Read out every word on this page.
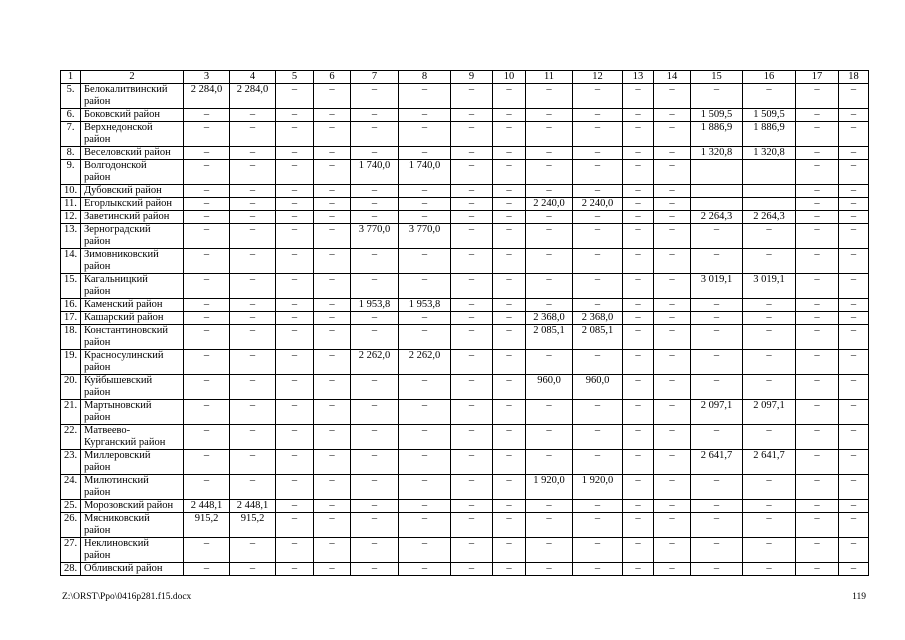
1	2	3	4	5	6	7	8	9	10	11	12	13	14	15	16	17	18
5.	Белокалитвинский
район	2 284,0	2 284,0	–	–	–	–	–	–	–	–	–	–	–	–	–	–
6.	Боковский район	–	–	–	–	–	–	–	–	–	–	–	–	1 509,5	1 509,5	–	–
7.	Верхнедонской
район	–	–	–	–	–	–	–	–	–	–	–	–	1 886,9	1 886,9	–	–
8.	Веселовский район	–	–	–	–	–	–	–	–	–	–	–	–	1 320,8	1 320,8	–	–
9.	Волгодонской
район	–	–	–	–	1 740,0	1 740,0	–	–	–	–	–	–			–	–
10.	Дубовский район	–	–	–	–	–	–	–	–	–	–	–	–			–	–
11.	Егорлыкский район	–	–	–	–	–	–	–	–	2 240,0	2 240,0	–	–			–	–
12.	Заветинский район	–	–	–	–	–	–	–	–	–	–	–	–	2 264,3	2 264,3	–	–
13.	Зерноградский
район	–	–	–	–	3 770,0	3 770,0	–	–	–	–	–	–	–	–	–	–
14.	Зимовниковский
район	–	–	–	–	–	–	–	–	–	–	–	–	–	–	–	–
15.	Кагальницкий
район	–	–	–	–	–	–	–	–	–	–	–	–	3 019,1	3 019,1	–	–
16.	Каменский район	–	–	–	–	1 953,8	1 953,8	–	–	–	–	–	–	–	–	–	–
17.	Кашарский район	–	–	–	–	–	–	–	–	2 368,0	2 368,0	–	–	–	–	–	–
18.	Константиновский
район	–	–	–	–	–	–	–	–	2 085,1	2 085,1	–	–	–	–	–	–
19.	Красносулинский
район	–	–	–	–	2 262,0	2 262,0	–	–	–	–	–	–	–	–	–	–
20.	Куйбышевский
район	–	–	–	–	–	–	–	–	960,0	960,0	–	–	–	–	–	–
21.	Мартыновский
район	–	–	–	–	–	–	–	–	–	–	–	–	2 097,1	2 097,1	–	–
22.	Матвеево-
Курганский район	–	–	–	–	–	–	–	–	–	–	–	–	–	–	–	–
23.	Миллеровский
район	–	–	–	–	–	–	–	–	–	–	–	–	2 641,7	2 641,7	–	–
24.	Милютинский
район	–	–	–	–	–	–	–	–	1 920,0	1 920,0	–	–	–	–	–	–
25.	Морозовский район	2 448,1	2 448,1	–	–	–	–	–	–	–	–	–	–	–	–	–	–
26.	Мясниковский
район	915,2	915,2	–	–	–	–	–	–	–	–	–	–	–	–	–	–
27.	Неклиновский
район	–	–	–	–	–	–	–	–	–	–	–	–	–	–	–	–
28.	Обливский район	–	–	–	–	–	–	–	–	–	–	–	–	–	–	–	–
Z:\ORST\Ppo\0416p281.f15.docx	119
